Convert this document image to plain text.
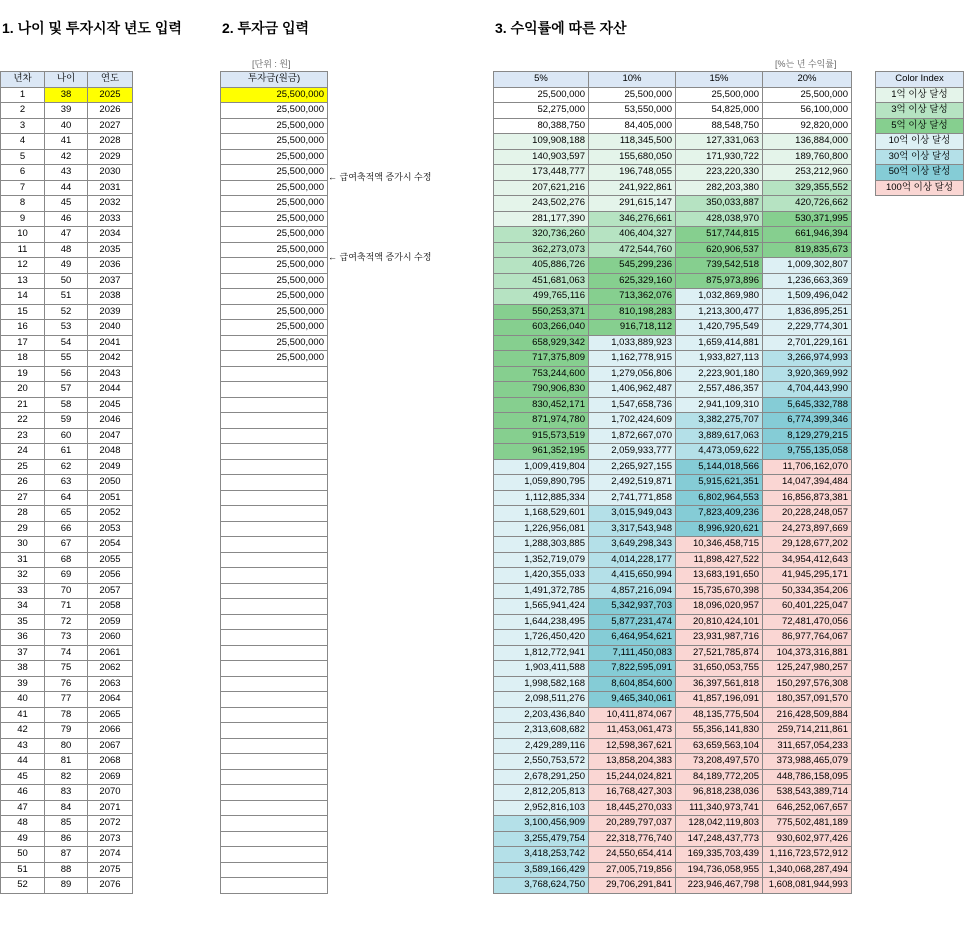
1. 나이 및 투자시작 년도 입력	2. 투자금 입력	3. 수익률에 따른 자산
[단위 : 원]	[%는 년 수익률]
← 급여축적액 증가시 수정
← 급여축적액 증가시 수정
년차	나이	연도
1	38	2025
2	39	2026
3	40	2027
4	41	2028
5	42	2029
6	43	2030
7	44	2031
8	45	2032
9	46	2033
10	47	2034
11	48	2035
12	49	2036
13	50	2037
14	51	2038
15	52	2039
16	53	2040
17	54	2041
18	55	2042
19	56	2043
20	57	2044
21	58	2045
22	59	2046
23	60	2047
24	61	2048
25	62	2049
26	63	2050
27	64	2051
28	65	2052
29	66	2053
30	67	2054
31	68	2055
32	69	2056
33	70	2057
34	71	2058
35	72	2059
36	73	2060
37	74	2061
38	75	2062
39	76	2063
40	77	2064
41	78	2065
42	79	2066
43	80	2067
44	81	2068
45	82	2069
46	83	2070
47	84	2071
48	85	2072
49	86	2073
50	87	2074
51	88	2075
52	89	2076
투자금(원금)
25,500,000
25,500,000
25,500,000
25,500,000
25,500,000
25,500,000
25,500,000
25,500,000
25,500,000
25,500,000
25,500,000
25,500,000
25,500,000
25,500,000
25,500,000
25,500,000
25,500,000
25,500,000

5%	10%	15%	20%
25,500,000	25,500,000	25,500,000	25,500,000
52,275,000	53,550,000	54,825,000	56,100,000
80,388,750	84,405,000	88,548,750	92,820,000
109,908,188	118,345,500	127,331,063	136,884,000
140,903,597	155,680,050	171,930,722	189,760,800
173,448,777	196,748,055	223,220,330	253,212,960
207,621,216	241,922,861	282,203,380	329,355,552
243,502,276	291,615,147	350,033,887	420,726,662
281,177,390	346,276,661	428,038,970	530,371,995
320,736,260	406,404,327	517,744,815	661,946,394
362,273,073	472,544,760	620,906,537	819,835,673
405,886,726	545,299,236	739,542,518	1,009,302,807
451,681,063	625,329,160	875,973,896	1,236,663,369
499,765,116	713,362,076	1,032,869,980	1,509,496,042
550,253,371	810,198,283	1,213,300,477	1,836,895,251
603,266,040	916,718,112	1,420,795,549	2,229,774,301
658,929,342	1,033,889,923	1,659,414,881	2,701,229,161
717,375,809	1,162,778,915	1,933,827,113	3,266,974,993
753,244,600	1,279,056,806	2,223,901,180	3,920,369,992
790,906,830	1,406,962,487	2,557,486,357	4,704,443,990
830,452,171	1,547,658,736	2,941,109,310	5,645,332,788
871,974,780	1,702,424,609	3,382,275,707	6,774,399,346
915,573,519	1,872,667,070	3,889,617,063	8,129,279,215
961,352,195	2,059,933,777	4,473,059,622	9,755,135,058
1,009,419,804	2,265,927,155	5,144,018,566	11,706,162,070
1,059,890,795	2,492,519,871	5,915,621,351	14,047,394,484
1,112,885,334	2,741,771,858	6,802,964,553	16,856,873,381
1,168,529,601	3,015,949,043	7,823,409,236	20,228,248,057
1,226,956,081	3,317,543,948	8,996,920,621	24,273,897,669
1,288,303,885	3,649,298,343	10,346,458,715	29,128,677,202
1,352,719,079	4,014,228,177	11,898,427,522	34,954,412,643
1,420,355,033	4,415,650,994	13,683,191,650	41,945,295,171
1,491,372,785	4,857,216,094	15,735,670,398	50,334,354,206
1,565,941,424	5,342,937,703	18,096,020,957	60,401,225,047
1,644,238,495	5,877,231,474	20,810,424,101	72,481,470,056
1,726,450,420	6,464,954,621	23,931,987,716	86,977,764,067
1,812,772,941	7,111,450,083	27,521,785,874	104,373,316,881
1,903,411,588	7,822,595,091	31,650,053,755	125,247,980,257
1,998,582,168	8,604,854,600	36,397,561,818	150,297,576,308
2,098,511,276	9,465,340,061	41,857,196,091	180,357,091,570
2,203,436,840	10,411,874,067	48,135,775,504	216,428,509,884
2,313,608,682	11,453,061,473	55,356,141,830	259,714,211,861
2,429,289,116	12,598,367,621	63,659,563,104	311,657,054,233
2,550,753,572	13,858,204,383	73,208,497,570	373,988,465,079
2,678,291,250	15,244,024,821	84,189,772,205	448,786,158,095
2,812,205,813	16,768,427,303	96,818,238,036	538,543,389,714
2,952,816,103	18,445,270,033	111,340,973,741	646,252,067,657
3,100,456,909	20,289,797,037	128,042,119,803	775,502,481,189
3,255,479,754	22,318,776,740	147,248,437,773	930,602,977,426
3,418,253,742	24,550,654,414	169,335,703,439	1,116,723,572,912
3,589,166,429	27,005,719,856	194,736,058,955	1,340,068,287,494
3,768,624,750	29,706,291,841	223,946,467,798	1,608,081,944,993
Color Index
1억 이상 달성
3억 이상 달성
5억 이상 달성
10억 이상 달성
30억 이상 달성
50억 이상 달성
100억 이상 달성
